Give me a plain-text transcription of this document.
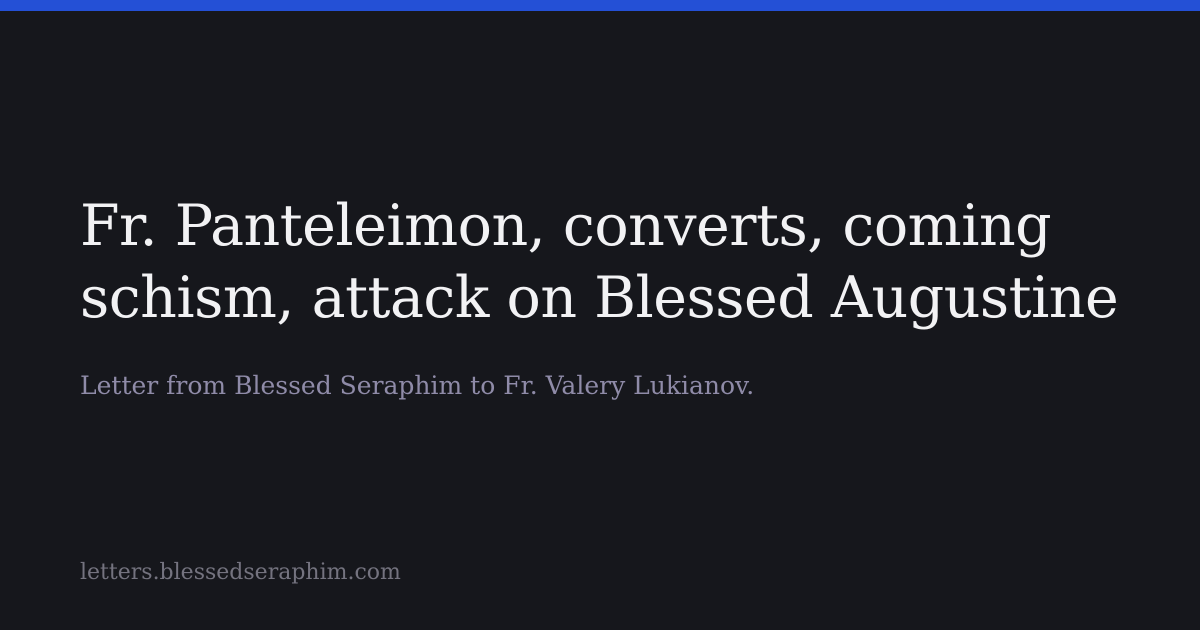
Fr. Panteleimon, converts, coming schism, attack on Blessed Augustine

Letter from Blessed Seraphim to Fr. Valery Lukianov.

letters.blessedseraphim.com
